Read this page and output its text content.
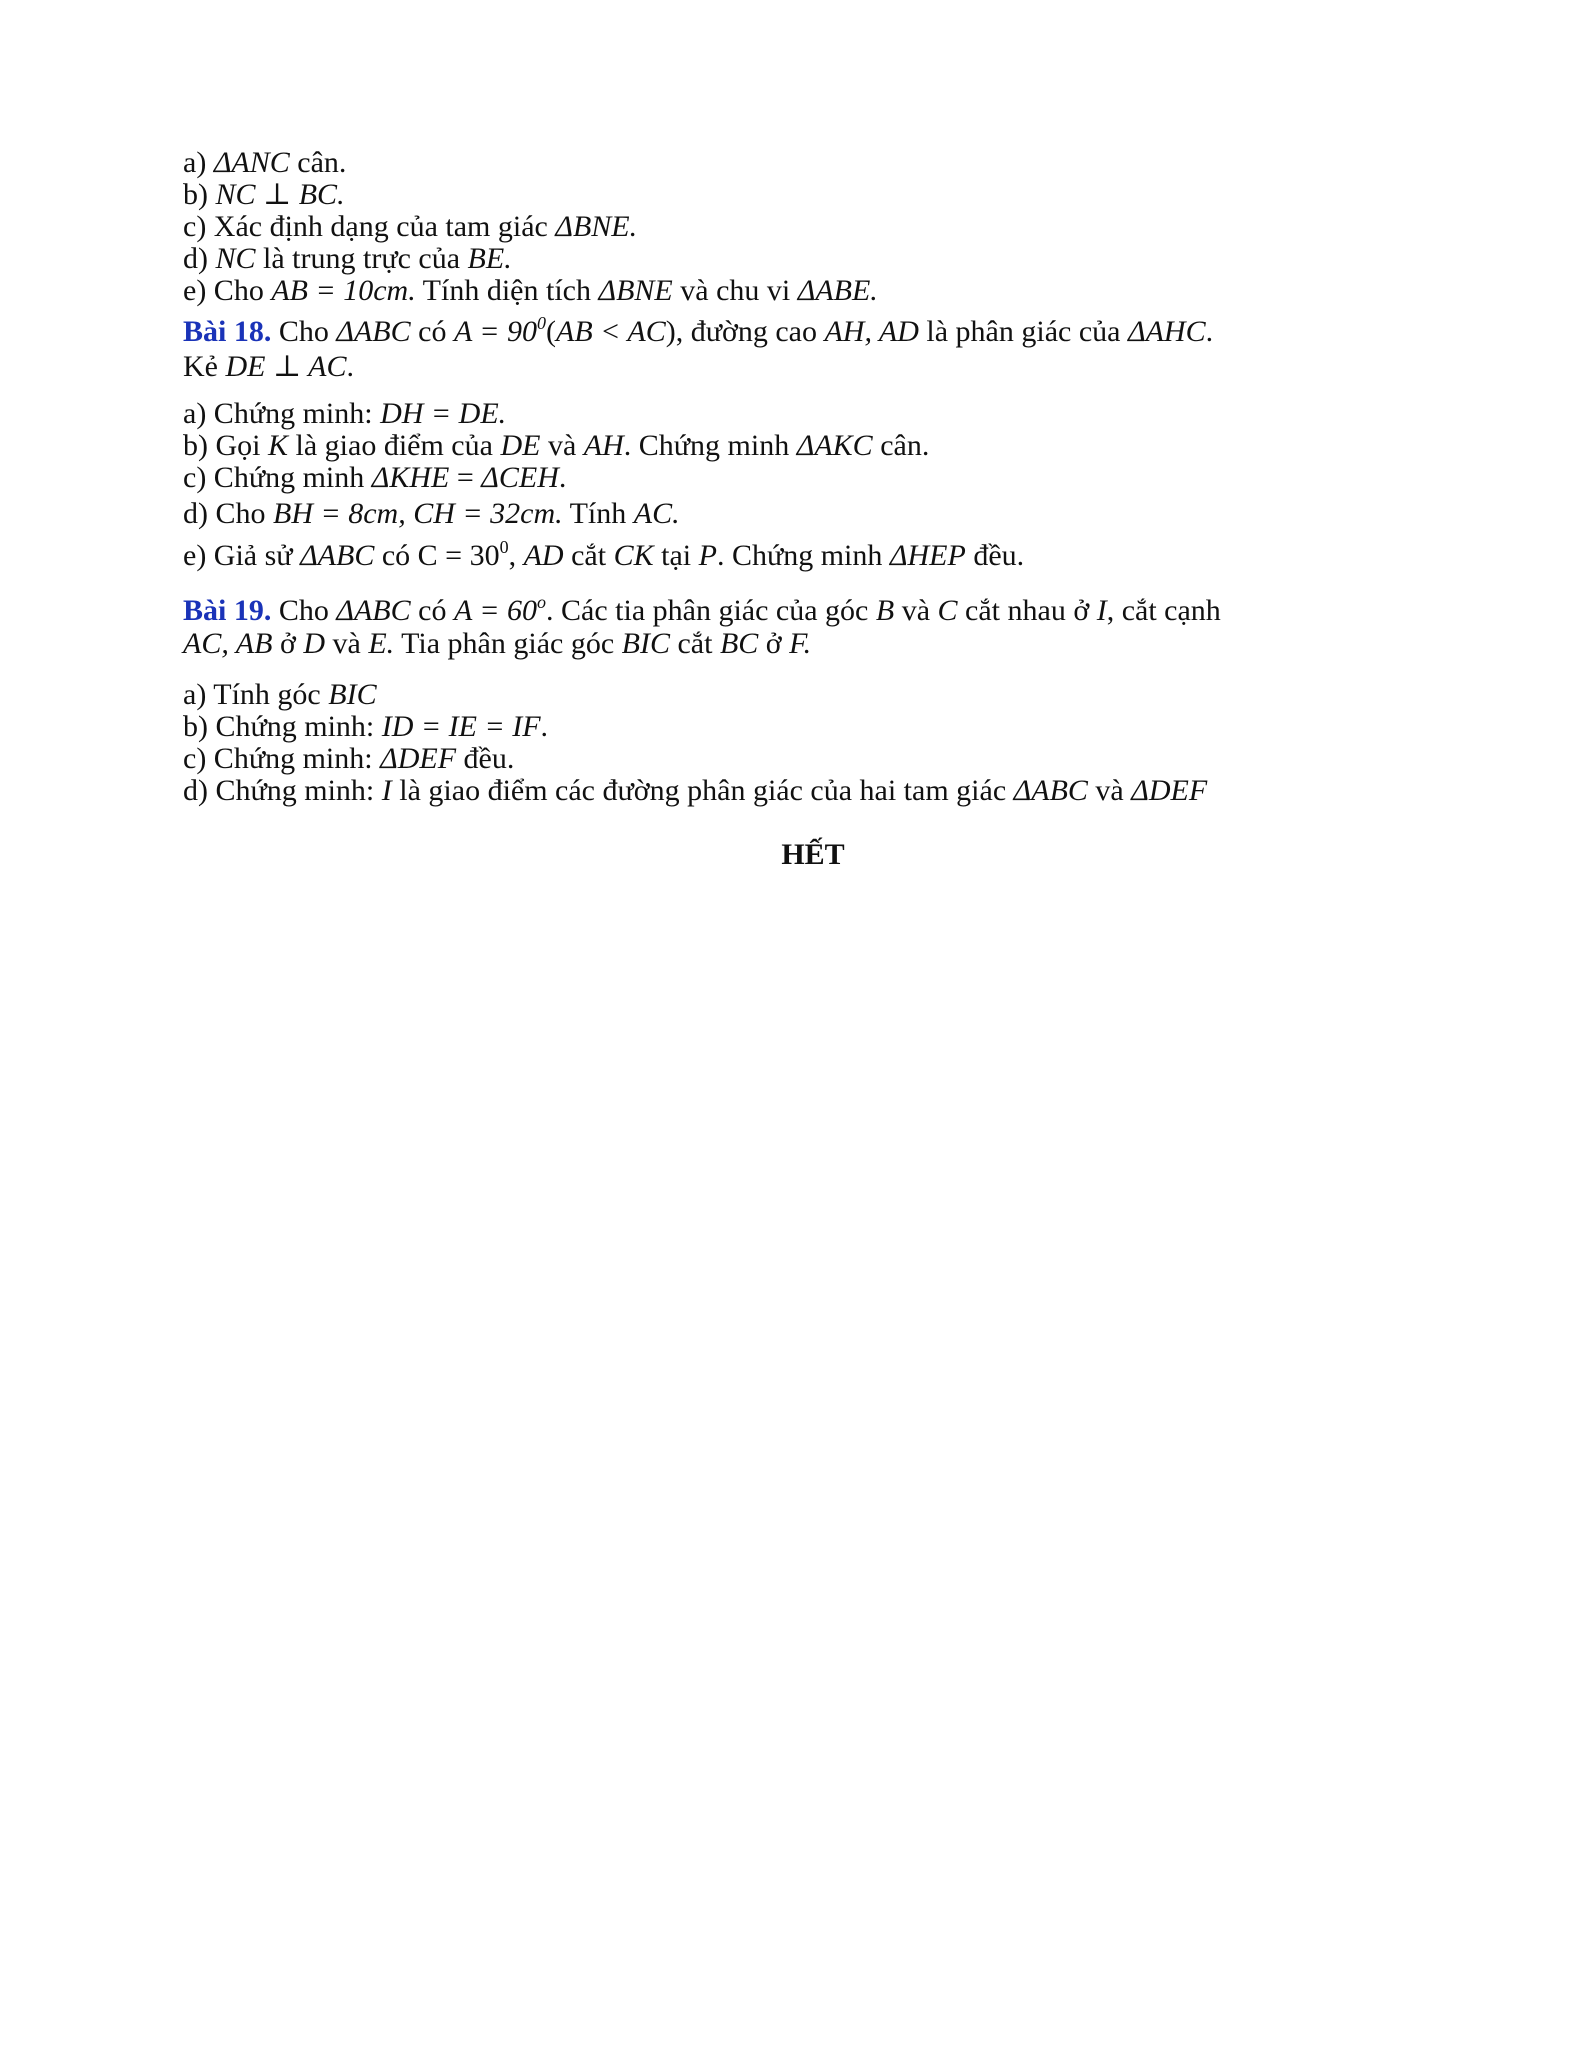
a) ΔANC cân.
b) NC ⊥ BC.
c) Xác định dạng của tam giác ΔBNE.
d) NC là trung trực của BE.
e) Cho AB = 10cm. Tính diện tích ΔBNE và chu vi ΔABE.
Bài 18. Cho ΔABC có $A = 90^0(AB < AC)$, đường cao AH, AD là phân giác của ΔAHC.
Kẻ DE ⊥ AC.
a) Chứng minh: DH = DE.
b) Gọi K là giao điểm của DE và AH. Chứng minh ΔAKC cân.
c) Chứng minh ΔKHE = ΔCEH.
d) Cho BH = 8cm, CH = 32cm. Tính AC.
e) Giả sử ΔABC có $C = 30^0$, AD cắt CK tại P. Chứng minh ΔHEP đều.
Bài 19. Cho ΔABC có $A = 60^o$. Các tia phân giác của góc B và C cắt nhau ở I, cắt cạnh
AC, AB ở D và E. Tia phân giác góc BIC cắt BC ở F.
a) Tính góc BIC
b) Chứng minh: ID = IE = IF.
c) Chứng minh: ΔDEF đều.
d) Chứng minh: I là giao điểm các đường phân giác của hai tam giác ΔABC và ΔDEF
HẾT
